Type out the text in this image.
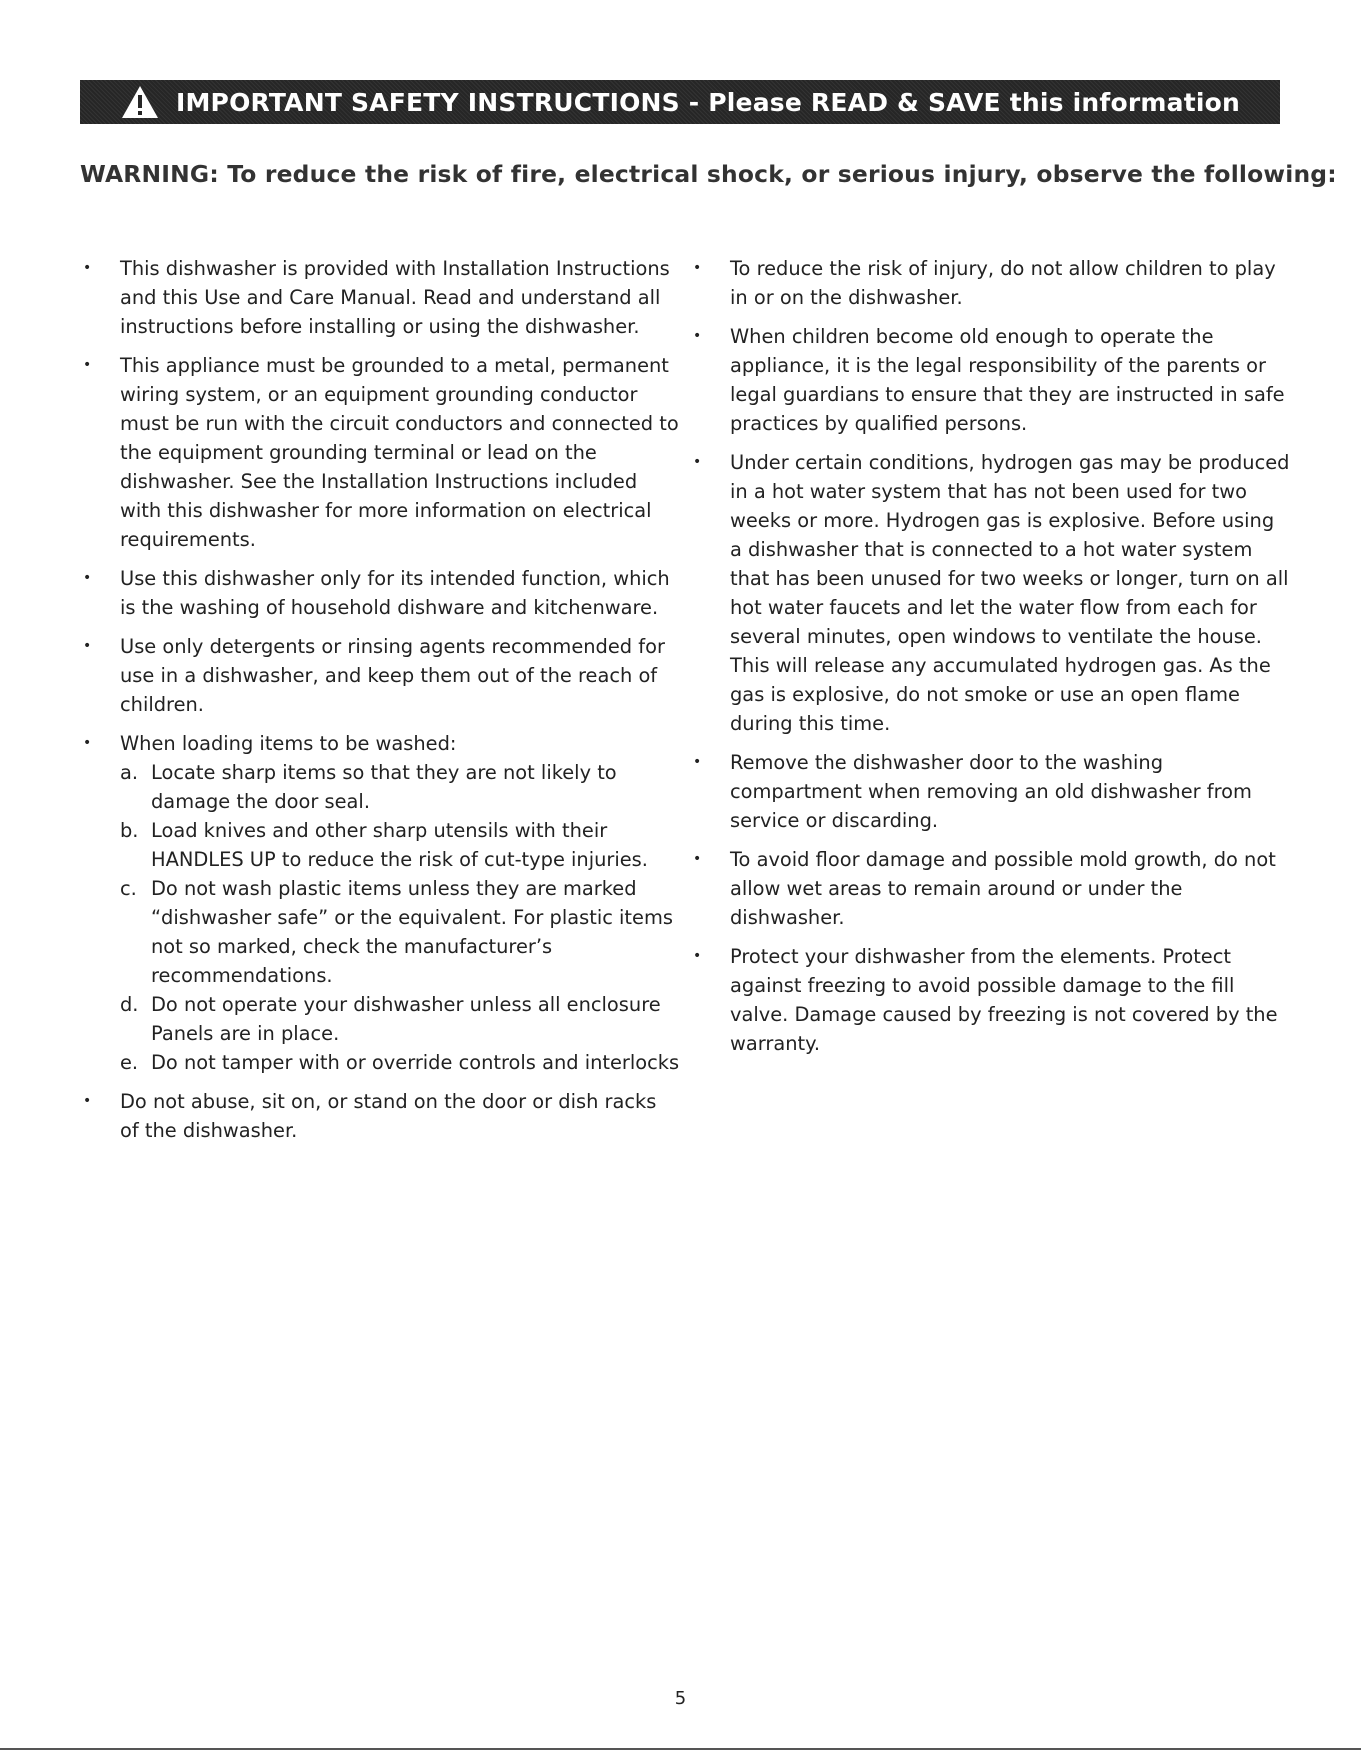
IMPORTANT SAFETY INSTRUCTIONS - Please READ & SAVE this information
WARNING: To reduce the risk of fire, electrical shock, or serious injury, observe the following:
• This dishwasher is provided with Installation Instructions and this Use and Care Manual. Read and understand all instructions before installing or using the dishwasher.
• This appliance must be grounded to a metal, permanent wiring system, or an equipment grounding conductor must be run with the circuit conductors and connected to the equipment grounding terminal or lead on the dishwasher. See the Installation Instructions included with this dishwasher for more information on electrical requirements.
• Use this dishwasher only for its intended function, which is the washing of household dishware and kitchenware.
• Use only detergents or rinsing agents recommended for use in a dishwasher, and keep them out of the reach of children.
• When loading items to be washed:
a. Locate sharp items so that they are not likely to damage the door seal.
b. Load knives and other sharp utensils with their HANDLES UP to reduce the risk of cut-type injuries.
c. Do not wash plastic items unless they are marked “dishwasher safe” or the equivalent. For plastic items not so marked, check the manufacturer’s recommendations.
d. Do not operate your dishwasher unless all enclosure Panels are in place.
e. Do not tamper with or override controls and interlocks
• Do not abuse, sit on, or stand on the door or dish racks of the dishwasher.
• To reduce the risk of injury, do not allow children to play in or on the dishwasher.
• When children become old enough to operate the appliance, it is the legal responsibility of the parents or legal guardians to ensure that they are instructed in safe practices by qualified persons.
• Under certain conditions, hydrogen gas may be produced in a hot water system that has not been used for two weeks or more. Hydrogen gas is explosive. Before using a dishwasher that is connected to a hot water system that has been unused for two weeks or longer, turn on all hot water faucets and let the water flow from each for several minutes, open windows to ventilate the house. This will release any accumulated hydrogen gas. As the gas is explosive, do not smoke or use an open flame during this time.
• Remove the dishwasher door to the washing compartment when removing an old dishwasher from service or discarding.
• To avoid floor damage and possible mold growth, do not allow wet areas to remain around or under the dishwasher.
• Protect your dishwasher from the elements. Protect against freezing to avoid possible damage to the fill valve. Damage caused by freezing is not covered by the warranty.
5
